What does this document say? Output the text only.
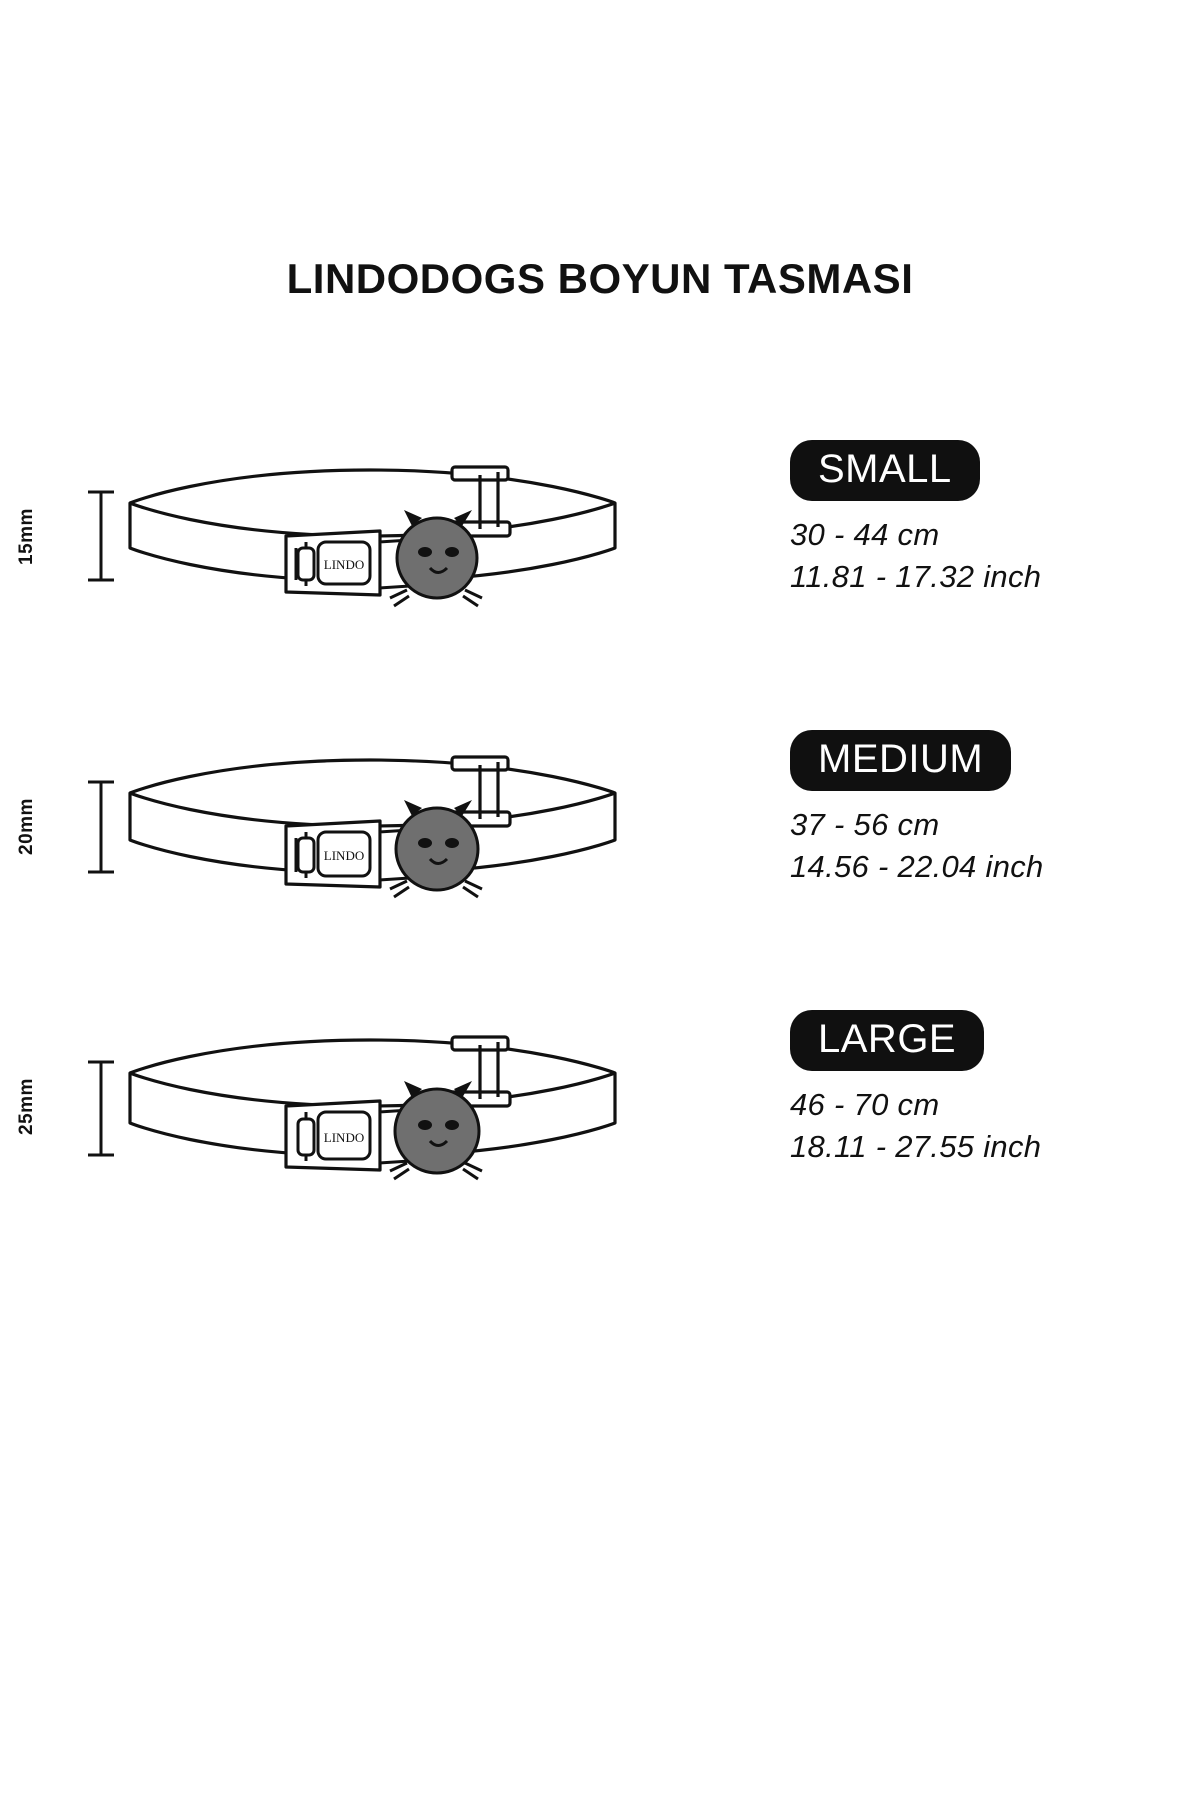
LINDODOGS BOYUN TASMASI
15mm	LINDO
SMALL
30 - 44 cm
11.81 - 17.32 inch
20mm
LINDO
MEDIUM
37 - 56 cm
14.56 - 22.04 inch
25mm
LINDO
LARGE
46 - 70 cm
18.11 - 27.55 inch
